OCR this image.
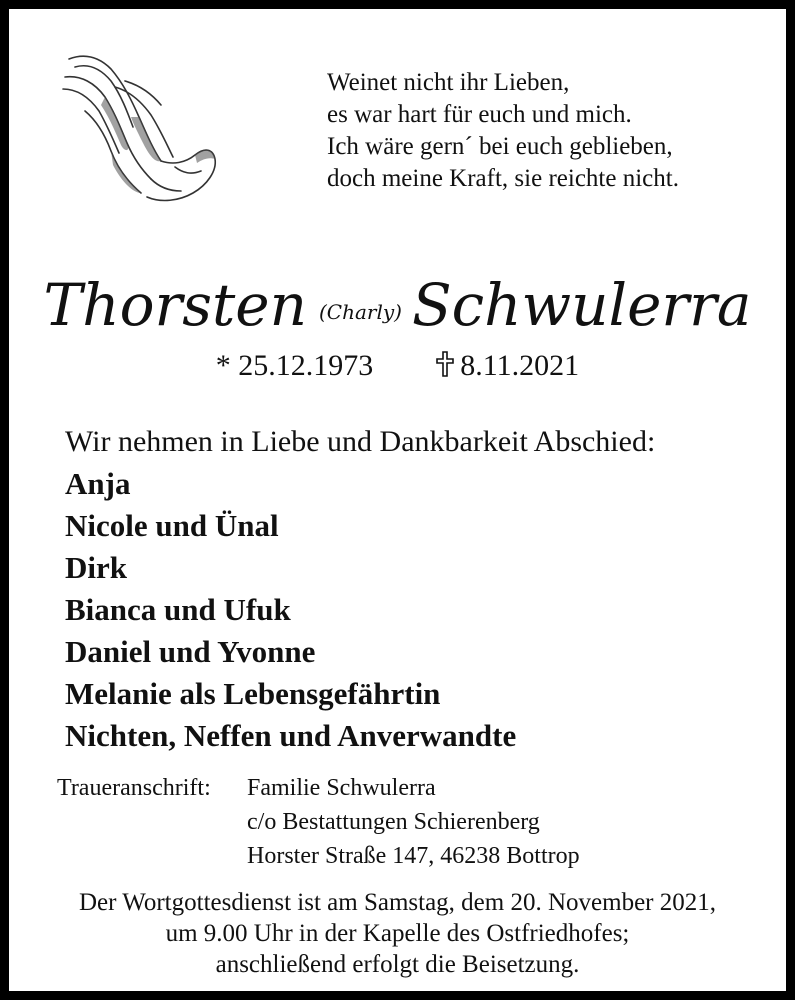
Weinet nicht ihr Lieben,
es war hart für euch und mich.
Ich wäre gern´ bei euch geblieben,
doch meine Kraft, sie reichte nicht.
Thorsten (Charly) Schwulerra
* 25.12.1973	8.11.2021
Wir nehmen in Liebe und Dankbarkeit Abschied:
Anja
Nicole und Ünal
Dirk
Bianca und Ufuk
Daniel und Yvonne
Melanie als Lebensgefährtin
Nichten, Neffen und Anverwandte
Traueranschrift: Familie Schwulerra
c/o Bestattungen Schierenberg
Horster Straße 147, 46238 Bottrop
Der Wortgottesdienst ist am Samstag, dem 20. November 2021,
um 9.00 Uhr in der Kapelle des Ostfriedhofes;
anschließend erfolgt die Beisetzung.
